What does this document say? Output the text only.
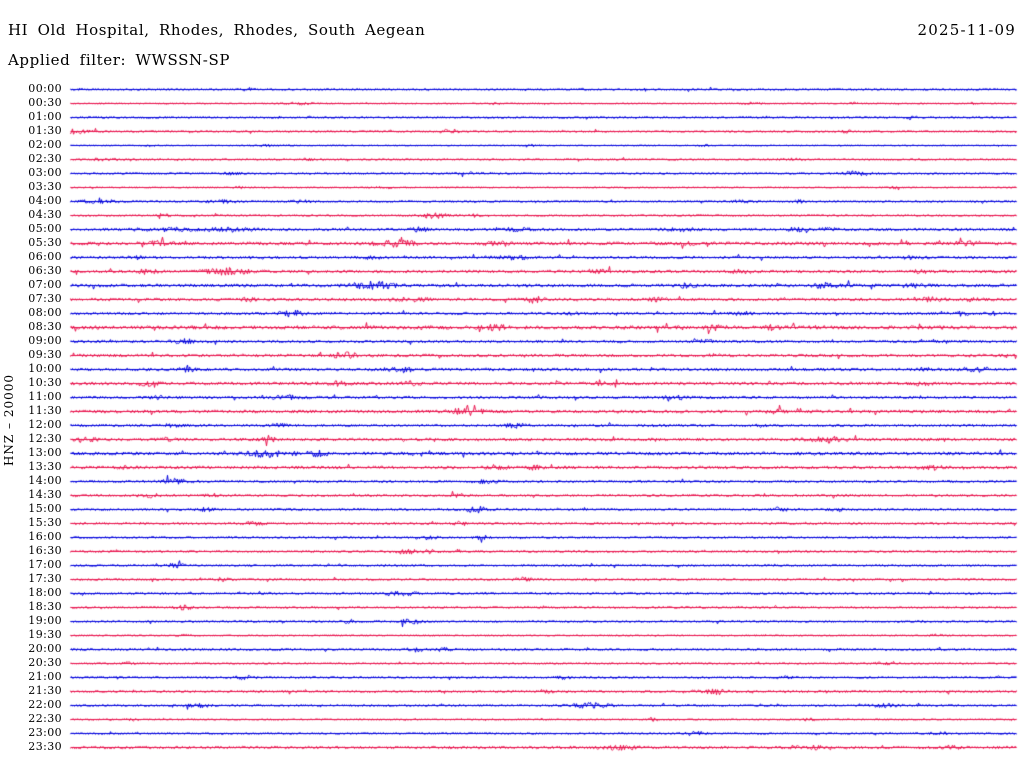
HI Old Hospital, Rhodes, Rhodes, South Aegean	2025-11-09
Applied filter: WWSSN-SP
HNZ – 20000
00:00
00:30
01:00
01:30
02:00
02:30
03:00
03:30
04:00
04:30
05:00
05:30
06:00
06:30
07:00
07:30
08:00
08:30
09:00
09:30
10:00
10:30
11:00
11:30
12:00
12:30
13:00
13:30
14:00
14:30
15:00
15:30
16:00
16:30
17:00
17:30
18:00
18:30
19:00
19:30
20:00
20:30
21:00
21:30
22:00
22:30
23:00
23:30
